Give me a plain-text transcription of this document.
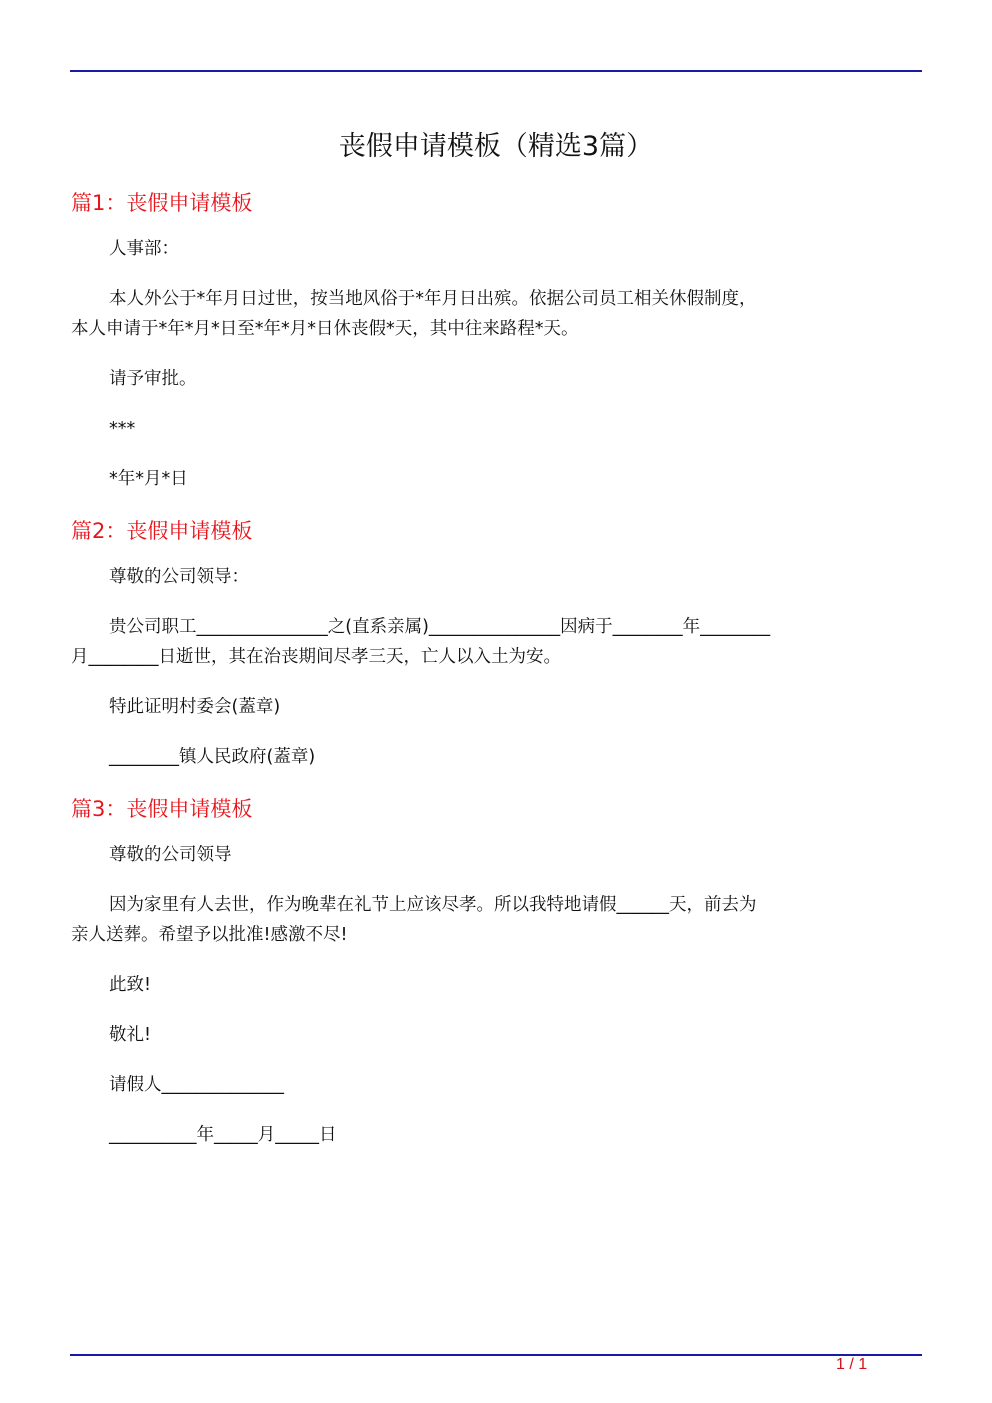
丧假申请模板（精选3篇）
篇1：丧假申请模板
人事部：
本人外公于*年月日过世，按当地风俗于*年月日出殡。依据公司员工相关休假制度，本人申请于*年*月*日至*年*月*日休丧假*天，其中往来路程*天。
请予审批。
***
*年*月*日
篇2：丧假申请模板
尊敬的公司领导：
贵公司职工_______________之(直系亲属)_______________因病于________年________月________日逝世，其在治丧期间尽孝三天，亡人以入土为安。
特此证明村委会(蓋章)
________镇人民政府(蓋章)
篇3：丧假申请模板
尊敬的公司领导
因为家里有人去世，作为晚辈在礼节上应该尽孝。所以我特地请假______天，前去为亲人送葬。希望予以批准!感激不尽!
此致!
敬礼!
请假人______________
__________年_____月_____日
1 / 1
